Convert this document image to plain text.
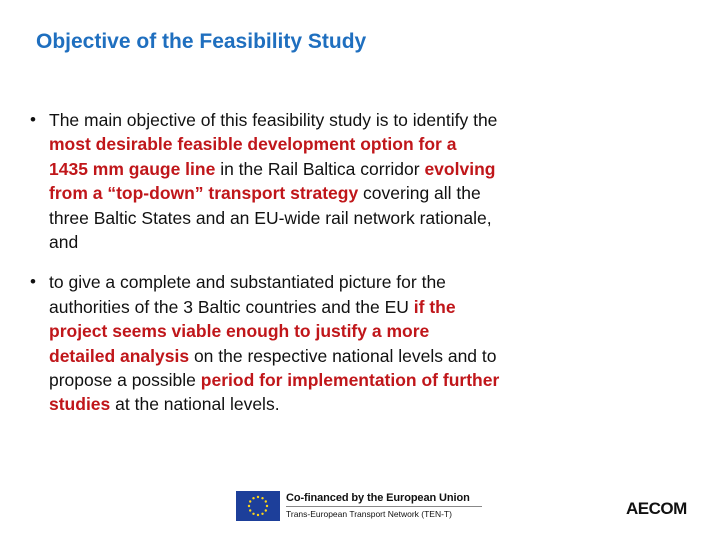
Objective of the Feasibility Study
• The main objective of this feasibility study is to identify the most desirable feasible development option for a 1435 mm gauge line in the Rail Baltica corridor evolving from a “top-down” transport strategy covering all the three Baltic States and an EU-wide rail network rationale, and
• to give a complete and substantiated picture for the authorities of the 3 Baltic countries and the EU if the project seems viable enough to justify a more detailed analysis on the respective national levels and to propose a possible period for implementation of further studies at the national levels.
Co-financed by the European Union
Trans-European Transport Network (TEN-T)	AECOM
